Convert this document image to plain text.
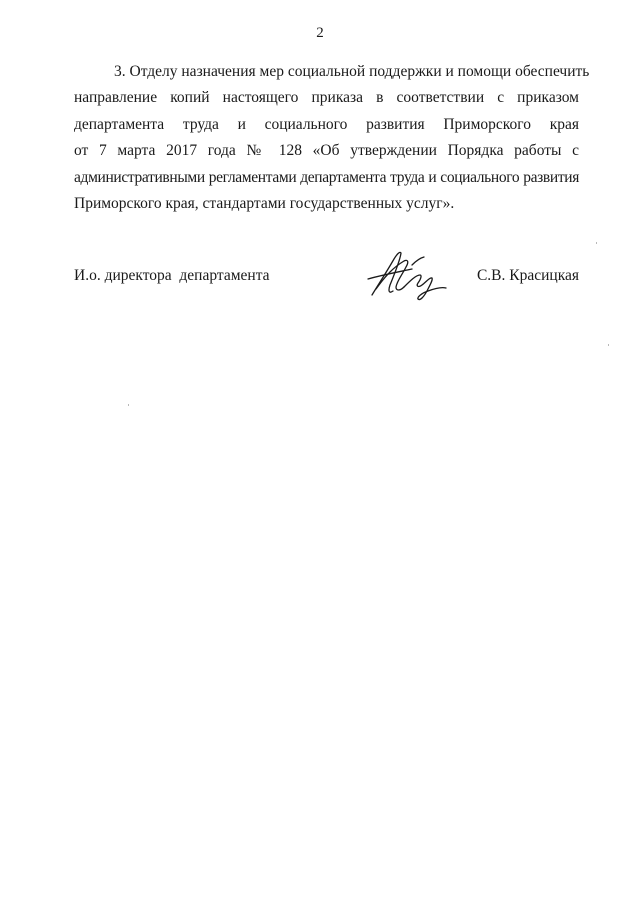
2
3. Отделу назначения мер социальной поддержки и помощи обеспечить
направление копий настоящего приказа в соответствии с приказом
департамента труда и социального развития Приморского края
от 7 марта 2017 года № 128 «Об утверждении Порядка работы с
административными регламентами департамента труда и социального развития
Приморского края, стандартами государственных услуг».
И.о. директора  департамента	С.В. Красицкая
